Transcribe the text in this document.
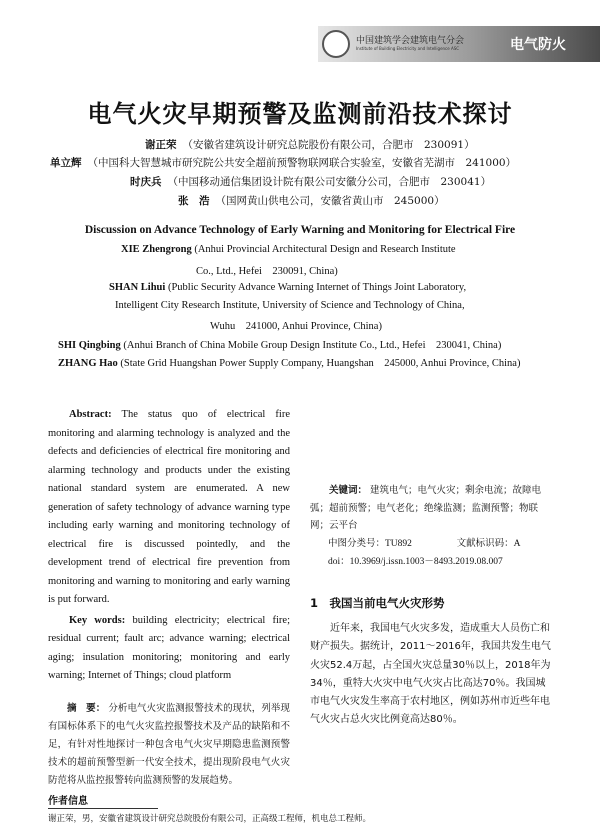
中国建筑学会建筑电气分会
Institute of Building Electricity and Intelligence ASC	电气防火
电气火灾早期预警及监测前沿技术探讨
谢正荣 （安徽省建筑设计研究总院股份有限公司，合肥市　230091）
单立辉 （中国科大智慧城市研究院公共安全超前预警物联网联合实验室，安徽省芜湖市　241000）
时庆兵 （中国移动通信集团设计院有限公司安徽分公司，合肥市　230041）
张　浩 （国网黄山供电公司，安徽省黄山市　245000）
Discussion on Advance Technology of Early Warning and Monitoring for Electrical Fire
XIE Zhengrong (Anhui Provincial Architectural Design and Research Institute
Co., Ltd., Hefei　230091, China)
SHAN Lihui (Public Security Advance Warning Internet of Things Joint Laboratory,
Intelligent City Research Institute, University of Science and Technology of China,
Wuhu　241000, Anhui Province, China)
SHI Qingbing (Anhui Branch of China Mobile Group Design Institute Co., Ltd., Hefei　230041, China)
ZHANG Hao (State Grid Huangshan Power Supply Company, Huangshan　245000, Anhui Province, China)
Abstract: The status quo of electrical fire monitoring and alarming technology is analyzed and the defects and deficiencies of electrical fire monitoring and alarming technology and products under the existing national standard system are enumerated. A new generation of safety technology of advance warning type including early warning and monitoring technology of electrical fire is discussed pointedly, and the development trend of electrical fire prevention from monitoring and warning to monitoring and early warning is put forward.
Key words: building electricity; electrical fire; residual current; fault arc; advance warning; electrical aging; insulation monitoring; monitoring and early warning; Internet of Things; cloud platform
摘　要： 分析电气火灾监测报警技术的现状，列举现有国标体系下的电气火灾监控报警技术及产品的缺陷和不足，有针对性地探讨一种包含电气火灾早期隐患监测预警技术的超前预警型新一代安全技术，提出现阶段电气火灾防范将从监控报警转向监测预警的发展趋势。
关键词： 建筑电气；电气火灾；剩余电流；故障电弧；超前预警；电气老化；绝缘监测；监测预警；物联网；云平台
中图分类号：TU892	文献标识码：A
doi：10.3969/j.issn.1003－8493.2019.08.007
1　我国当前电气火灾形势
近年来，我国电气火灾多发，造成重大人员伤亡和财产损失。据统计，2011～2016年，我国共发生电气火灾52.4万起，占全国火灾总量30％以上，2018年为34％，重特大火灾中电气火灾占比高达70％。我国城市电气火灾发生率高于农村地区，例如苏州市近些年电气火灾占总火灾比例竟高达80％。
作者信息
谢正荣，男，安徽省建筑设计研究总院股份有限公司，正高级工程师，机电总工程师。
